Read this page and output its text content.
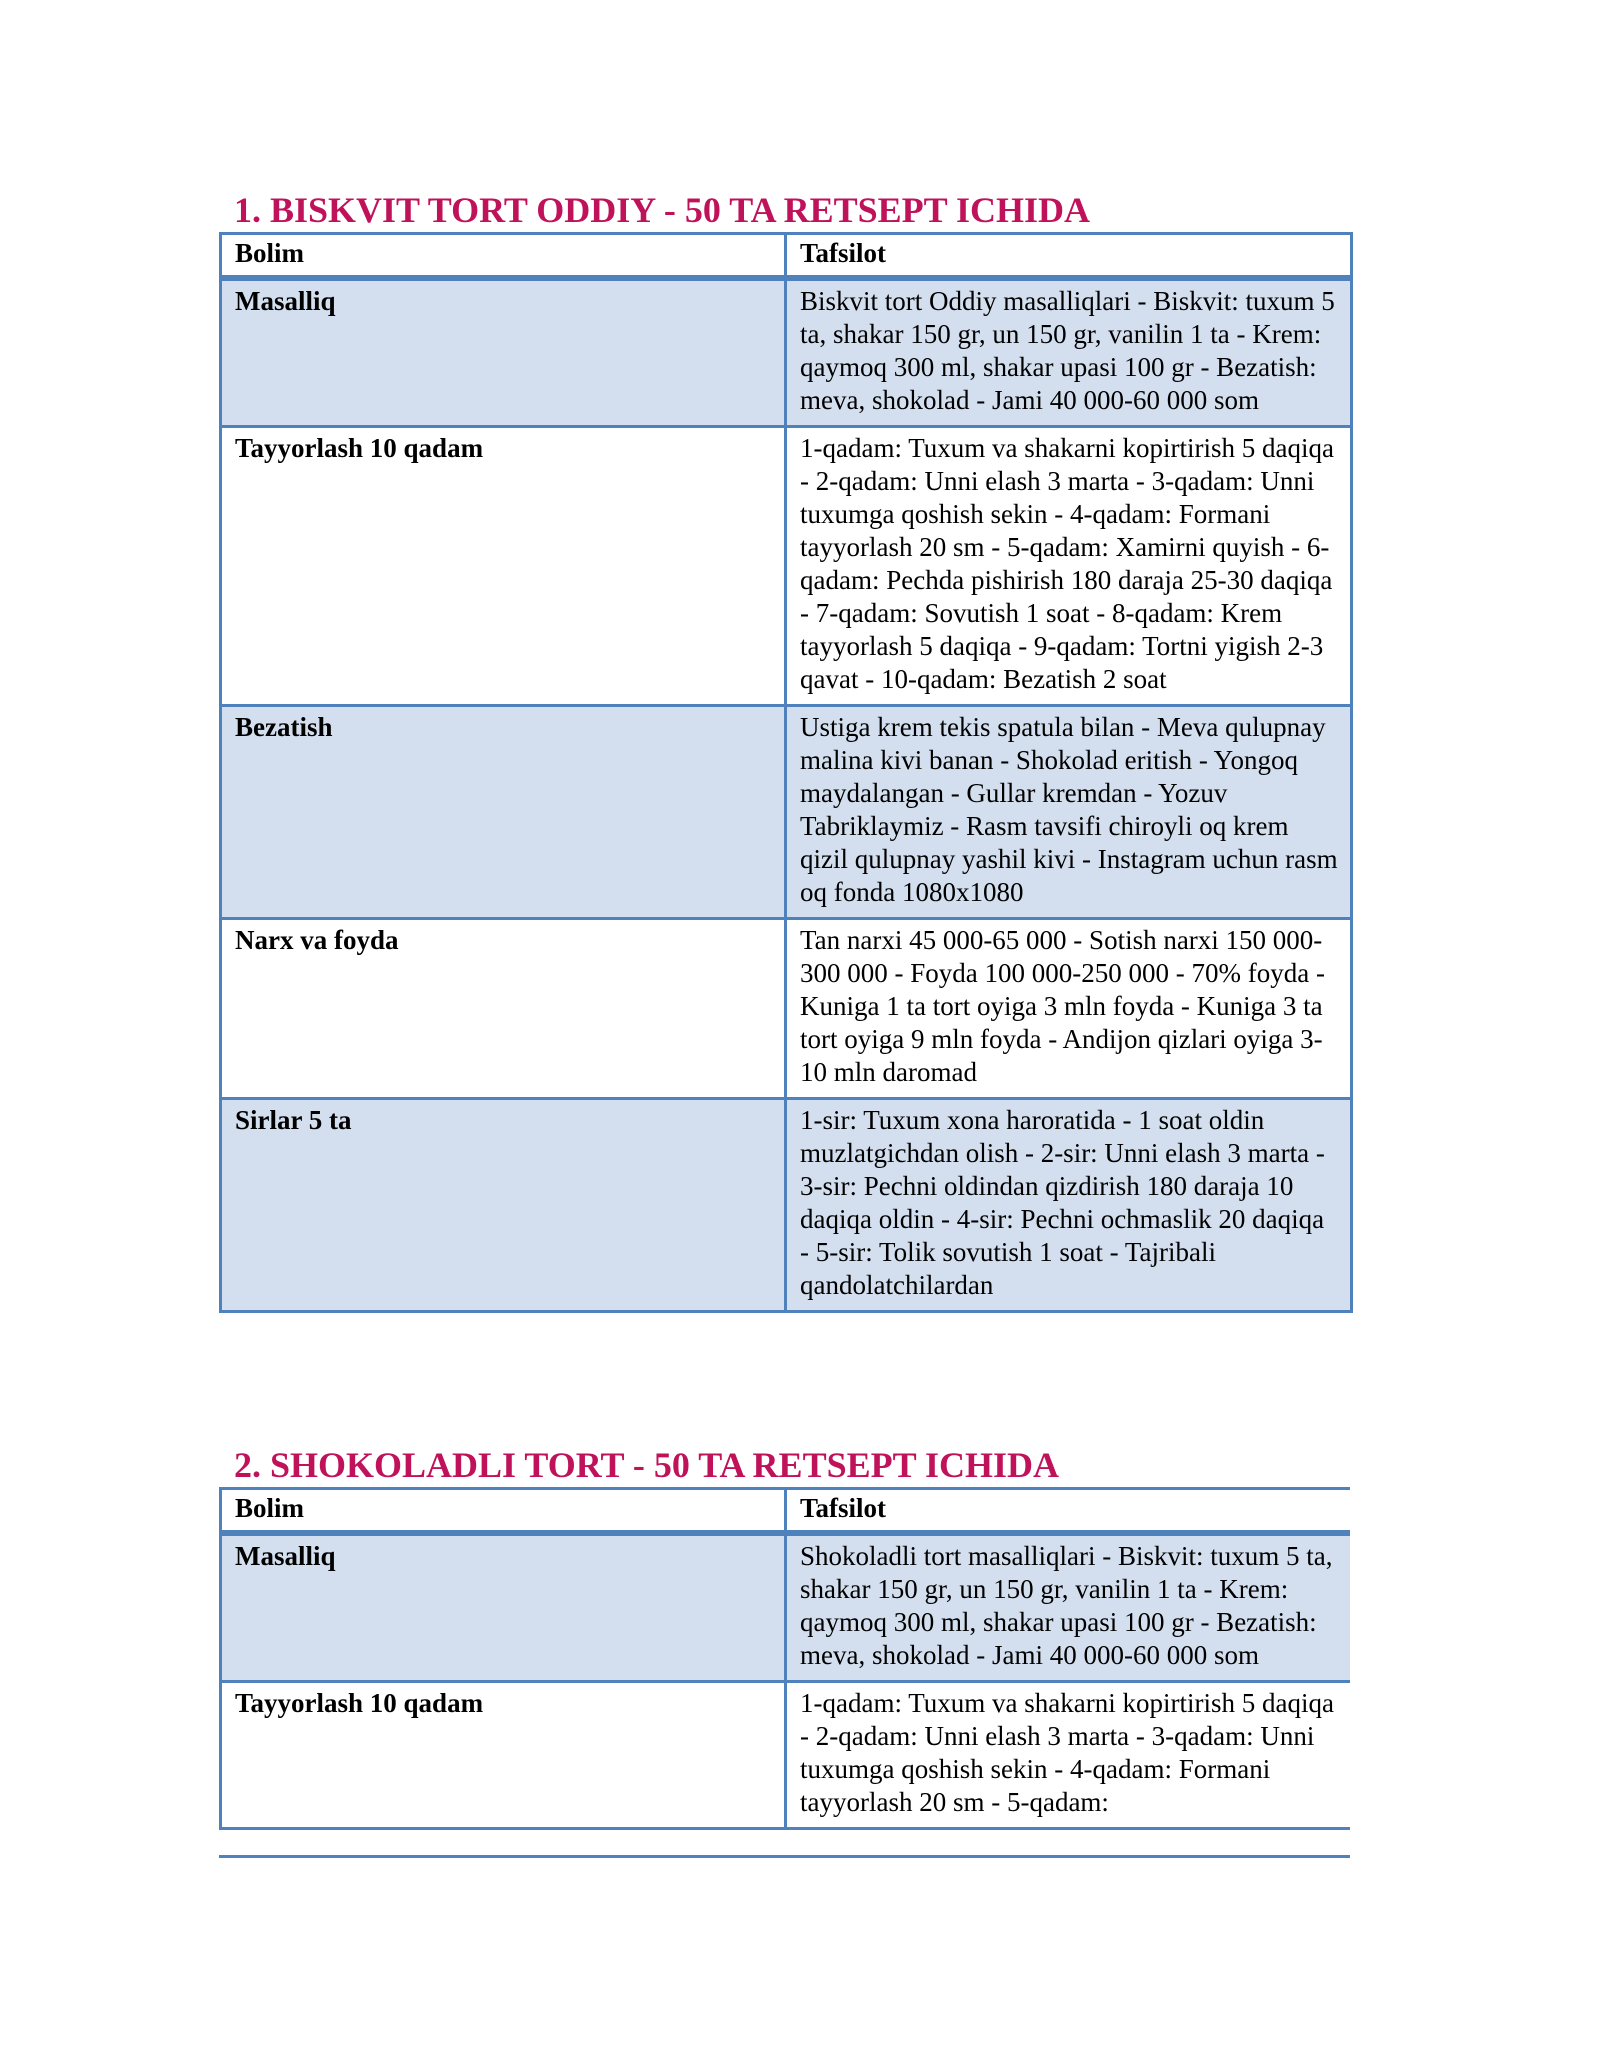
1. BISKVIT TORT ODDIY - 50 TA RETSEPT ICHIDA
Bolim	Tafsilot
Masalliq	Biskvit tort Oddiy masalliqlari - Biskvit: tuxum 5 ta, shakar 150 gr, un 150 gr, vanilin 1 ta - Krem: qaymoq 300 ml, shakar upasi 100 gr - Bezatish: meva, shokolad - Jami 40 000-60 000 som
Tayyorlash 10 qadam	1-qadam: Tuxum va shakarni kopirtirish 5 daqiqa - 2-qadam: Unni elash 3 marta - 3-qadam: Unni tuxumga qoshish sekin - 4-qadam: Formani tayyorlash 20 sm - 5-qadam: Xamirni quyish - 6-qadam: Pechda pishirish 180 daraja 25-30 daqiqa - 7-qadam: Sovutish 1 soat - 8-qadam: Krem tayyorlash 5 daqiqa - 9-qadam: Tortni yigish 2-3 qavat - 10-qadam: Bezatish 2 soat
Bezatish	Ustiga krem tekis spatula bilan - Meva qulupnay malina kivi banan - Shokolad eritish - Yongoq maydalangan - Gullar kremdan - Yozuv Tabriklaymiz - Rasm tavsifi chiroyli oq krem qizil qulupnay yashil kivi - Instagram uchun rasm oq fonda 1080x1080
Narx va foyda	Tan narxi 45 000-65 000 - Sotish narxi 150 000-300 000 - Foyda 100 000-250 000 - 70% foyda - Kuniga 1 ta tort oyiga 3 mln foyda - Kuniga 3 ta tort oyiga 9 mln foyda - Andijon qizlari oyiga 3-10 mln daromad
Sirlar 5 ta	1-sir: Tuxum xona haroratida - 1 soat oldin muzlatgichdan olish - 2-sir: Unni elash 3 marta - 3-sir: Pechni oldindan qizdirish 180 daraja 10 daqiqa oldin - 4-sir: Pechni ochmaslik 20 daqiqa - 5-sir: Tolik sovutish 1 soat - Tajribali qandolatchilardan
2. SHOKOLADLI TORT - 50 TA RETSEPT ICHIDA
Bolim	Tafsilot
Masalliq	Shokoladli tort masalliqlari - Biskvit: tuxum 5 ta, shakar 150 gr, un 150 gr, vanilin 1 ta - Krem: qaymoq 300 ml, shakar upasi 100 gr - Bezatish: meva, shokolad - Jami 40 000-60 000 som
Tayyorlash 10 qadam	1-qadam: Tuxum va shakarni kopirtirish 5 daqiqa - 2-qadam: Unni elash 3 marta - 3-qadam: Unni tuxumga qoshish sekin - 4-qadam: Formani tayyorlash 20 sm - 5-qadam:
